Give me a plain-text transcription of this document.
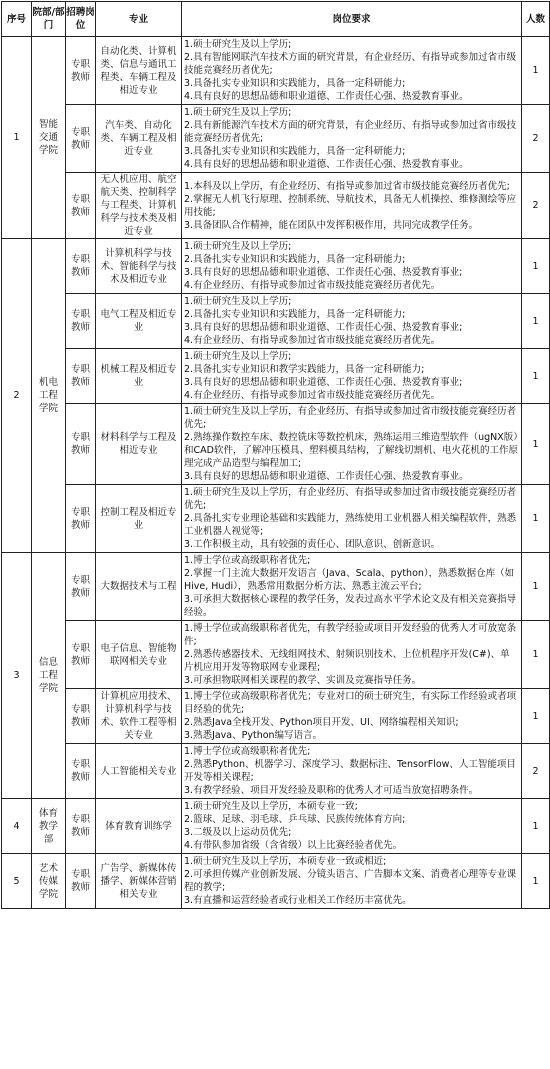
序号	院部/部门	招聘岗位	专业	岗位要求	人数
1	智能交通学院	专职教师	自动化类、计算机类、信息与通讯工程类、车辆工程及相近专业	1.硕士研究生及以上学历;
2.具有智能网联汽车技术方面的研究背景，有企业经历、有指导或参加过省市级技能竞赛经历者优先;
3.具备扎实专业知识和实践能力，具备一定科研能力;
4.具有良好的思想品德和职业道德、工作责任心强、热爱教育事业。	1
		专职教师	汽车类、自动化类、车辆工程及相近专业	1.硕士研究生及以上学历;
2.具有新能源汽车技术方面的研究背景，有企业经历、有指导或参加过省市级技能竞赛经历者优先;
3.具备扎实专业知识和实践能力，具备一定科研能力;
4.具有良好的思想品德和职业道德、工作责任心强、热爱教育事业。	2
		专职教师	无人机应用、航空航天类、控制科学与工程类、计算机科学与技术类及相近专业	1.本科及以上学历，有企业经历、有指导或参加过省市级技能竞赛经历者优先;
2.掌握无人机飞行原理、控制系统、导航技术，具备无人机操控、维修测绘等应用技能;
3.具备团队合作精神，能在团队中发挥积极作用，共同完成教学任务。	2
2	机电工程学院	专职教师	计算机科学与技术、智能科学与技术及相近专业	1.硕士研究生及以上学历;
2.具备扎实专业知识和实践能力，具备一定科研能力;
3.具有良好的思想品德和职业道德、工作责任心强、热爱教育事业;
4.有企业经历、有指导或参加过省市级技能竞赛经历者优先。	1
		专职教师	电气工程及相近专业	1.硕士研究生及以上学历;
2.具备扎实专业知识和实践能力，具备一定科研能力;
3.具有良好的思想品德和职业道德、工作责任心强、热爱教育事业;
4.有企业经历、有指导或参加过省市级技能竞赛经历者优先。	1
		专职教师	机械工程及相近专业	1.硕士研究生及以上学历;
2.具备扎实专业知识和教学实践能力，具备一定科研能力;
3.具有良好的思想品德和职业道德、工作责任心强、热爱教育事业;
4.有企业经历、有指导或参加过省市级技能竞赛经历者优先。	1
		专职教师	材料科学与工程及相近专业	1.硕士研究生及以上学历，有企业经历、有指导或参加过省市级技能竞赛经历者优先;
2.熟练操作数控车床、数控铣床等数控机床，熟练运用三维造型软件（ugNX版）和CAD软件，了解冲压模具、塑料模具结构，了解线切割机、电火花机的工作原理完成产品造型与编程加工;
3.具有良好的思想品德和职业道德、工作责任心强、热爱教育事业。	1
		专职教师	控制工程及相近专业	1.硕士研究生及以上学历，有企业经历、有指导或参加过省市级技能竞赛经历者优先;
2.具备扎实专业理论基础和实践能力，熟练使用工业机器人相关编程软件，熟悉工业机器人视觉等;
3.工作积极主动，具有较强的责任心、团队意识、创新意识。	1
3	信息工程学院	专职教师	大数据技术与工程	1.博士学位或高级职称者优先;
2.掌握一门主流大数据开发语言（Java、Scala、python），熟悉数据仓库（如 Hive, Hudi），熟悉常用数据分析方法、熟悉主流云平台;
3.可承担大数据核心课程的教学任务，发表过高水平学术论文及有相关竞赛指导经验。	1
		专职教师	电子信息、智能物联网相关专业	1.博士学位或高级职称者优先，有教学经验或项目开发经验的优秀人才可放宽条件;
2.熟悉传感器技术、无线组网技术、射频识别技术、上位机程序开发(C#)、单片机应用开发等物联网专业课程;
3.可承担物联网相关课程的教学、实训及竞赛指导任务。	1
		专职教师	计算机应用技术、计算机科学与技术、软件工程等相关专业	1.博士学位或高级职称者优先；专业对口的硕士研究生，有实际工作经验或者项目经验的优先;
2.熟悉Java全栈开发、Python项目开发、UI、网络编程相关知识;
3.熟悉Java、Python编写语言。	1
		专职教师	人工智能相关专业	1.博士学位或高级职称者优先;
2.熟悉Python、机器学习、深度学习、数据标注、TensorFlow、人工智能项目开发等相关课程;
3.有教学经验、项目开发经验及职称的优秀人才可适当放宽招聘条件。	2
4	体育教学部	专职教师	体育教育训练学	1.硕士研究生及以上学历，本硕专业一致;
2.篮球、足球、羽毛球、乒乓球、民族传统体育方向;
3.二级及以上运动员优先;
4.有带队参加省级（含省级）以上比赛经验者优先。	1
5	艺术传媒学院	专职教师	广告学、新媒体传播学、新媒体营销相关专业	1.硕士研究生及以上学历，本硕专业一致或相近;
2.可承担传媒产业创新发展、分镜头语言、广告脚本文案、消费者心理等专业课程的教学;
3.有直播和运营经验者或行业相关工作经历丰富优先。	1
